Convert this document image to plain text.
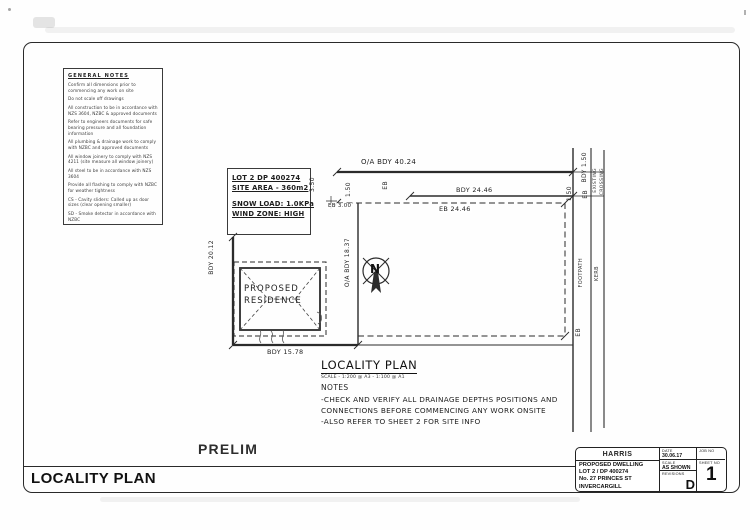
GENERAL NOTES
Confirm all dimensions prior to commencing any work on site
Do not scale off drawings
All construction to be in accordance with NZS 3604, NZBC & approved documents
Refer to engineers documents for safe bearing pressure and all foundation information
All plumbing & drainage work to comply with NZBC and approved documents
All window joinery to comply with NZS 4211 (site measure all window joinery)
All steel to be in accordance with NZS 3604
Provide all flashing to comply with NZBC for weather tightness
CS - Cavity sliders: Called up as door sizes (clear opening smaller)
SD - Smoke detector in accordance with NZBC
LOT 2 DP 400274
SITE AREA - 360m2
SNOW LOAD: 1.0KPa
WIND ZONE: HIGH
O/A BDY 40.24
BDY 24.46
EB 24.46
EB 3.00
BDY 15.78
BDY 20.12	O/A BDY 18.37
3.50	1.50	EB
BDY 1.50
1.50 EB
EB
EXISTING CROSSING
FOOTPATH KERB
PROPOSED
RESIDENCE
N
LOCALITY PLAN
SCALE - 1:200 @ A3 - 1:100 @ A1
NOTES
-CHECK AND VERIFY ALL DRAINAGE DEPTHS POSITIONS AND
CONNECTIONS BEFORE COMMENCING ANY WORK ONSITE
-ALSO REFER TO SHEET 2 FOR SITE INFO
PRELIM
LOCALITY PLAN
HARRIS
PROPOSED DWELLING
LOT 2 / DP 400274
No. 27 PRINCES ST
INVERCARGILL
DATE
30.06.17
SCALE
AS SHOWN
REVISIONS
D
JOB NO
SHEET NO
1
